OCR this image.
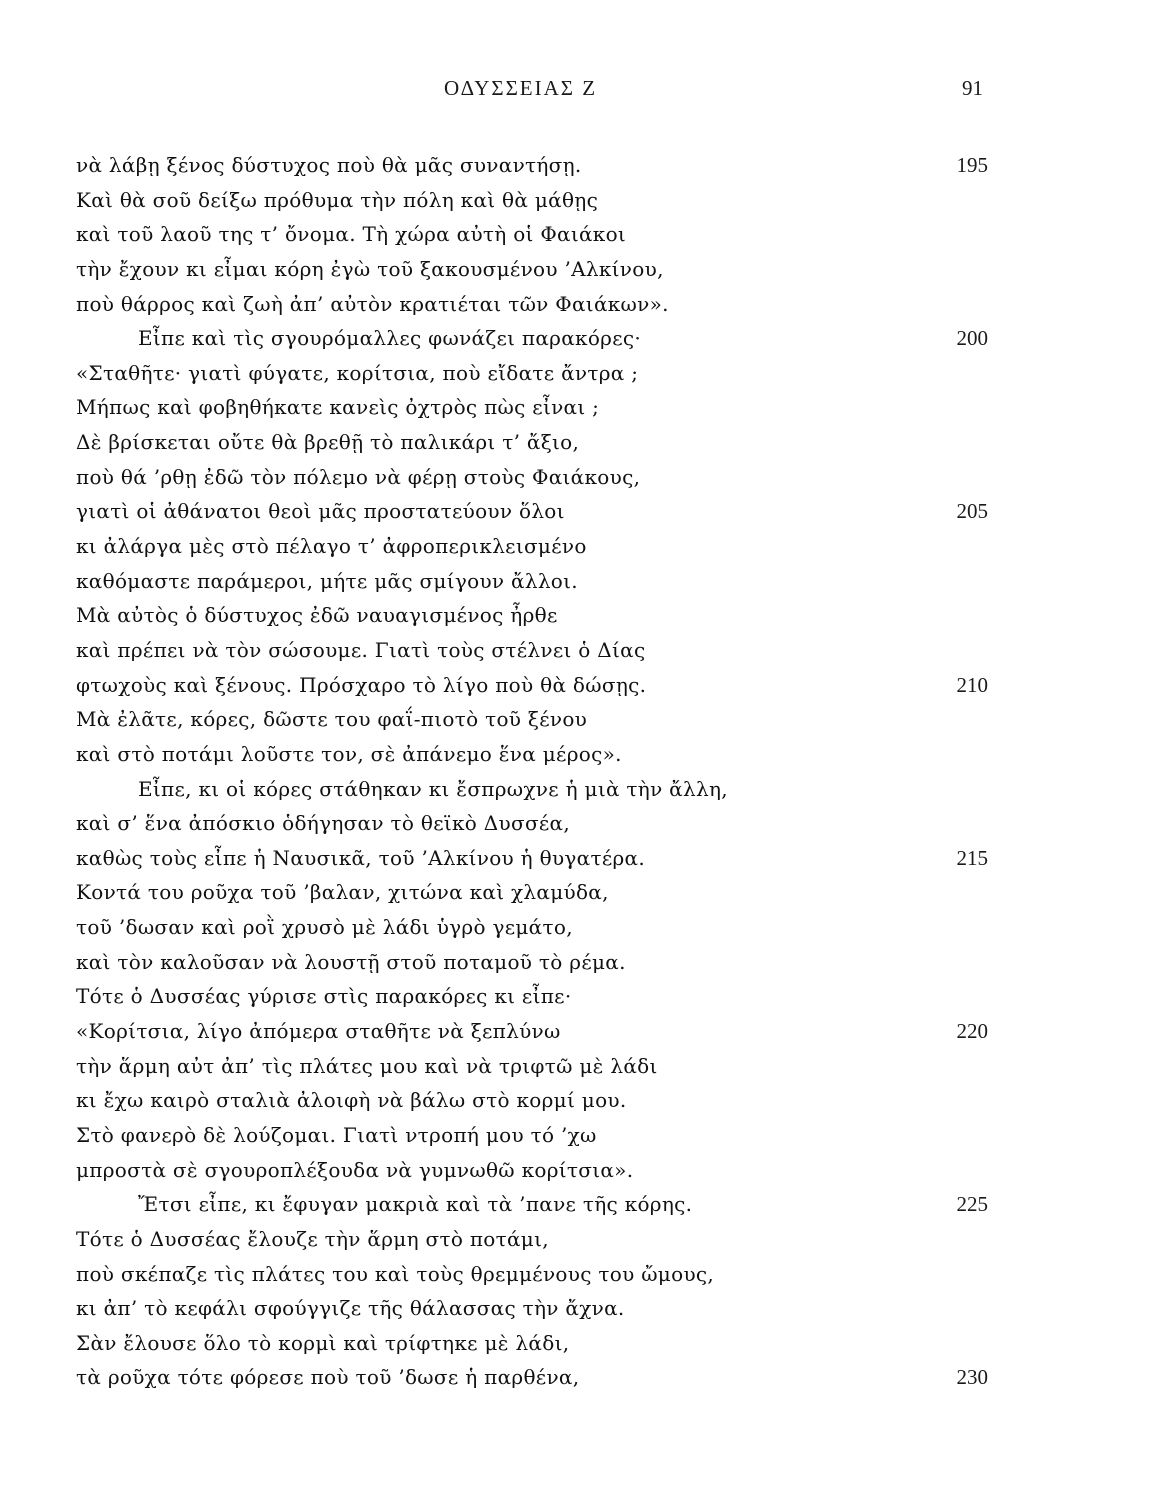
ΟΔΥΣΣΕΙΑΣ Ζ	91
νὰ λάβῃ ξένος δύστυχος ποὺ θὰ μᾶς συναντήσῃ.	195
Καὶ θὰ σοῦ δείξω πρόθυμα τὴν πόλη καὶ θὰ μάθῃς
καὶ τοῦ λαοῦ της τ’ ὄνομα. Τὴ χώρα αὐτὴ οἱ Φαιάκοι
τὴν ἔχουν κι εἶμαι κόρη ἐγὼ τοῦ ξακουσμένου ’Αλκίνου,
ποὺ θάρρος καὶ ζωὴ ἀπ’ αὐτὸν κρατιέται τῶν Φαιάκων».
Εἶπε καὶ τὶς σγουρόμαλλες φωνάζει παρακόρες·	200
«Σταθῆτε· γιατὶ φύγατε, κορίτσια, ποὺ εἴδατε ἄντρα ;
Μήπως καὶ φοβηθήκατε κανεὶς ὀχτρὸς πὼς εἶναι ;
Δὲ βρίσκεται οὔτε θὰ βρεθῇ τὸ παλικάρι τ’ ἄξιο,
ποὺ θά ’ρθῃ ἐδῶ τὸν πόλεμο νὰ φέρῃ στοὺς Φαιάκους,
γιατὶ οἱ ἀθάνατοι θεοὶ μᾶς προστατεύουν ὅλοι	205
κι ἀλάργα μὲς στὸ πέλαγο τ’ ἀφροπερικλεισμένο
καθόμαστε παράμεροι, μήτε μᾶς σμίγουν ἄλλοι.
Μὰ αὐτὸς ὁ δύστυχος ἐδῶ ναυαγισμένος ἦρθε
καὶ πρέπει νὰ τὸν σώσουμε. Γιατὶ τοὺς στέλνει ὁ Δίας
φτωχοὺς καὶ ξένους. Πρόσχαρο τὸ λίγο ποὺ θὰ δώσῃς.	210
Μὰ ἐλᾶτε, κόρες, δῶστε του φαΐ-πιοτὸ τοῦ ξένου
καὶ στὸ ποτάμι λοῦστε τον, σὲ ἀπάνεμο ἕνα μέρος».
Εἶπε, κι οἱ κόρες στάθηκαν κι ἔσπρωχνε ἡ μιὰ τὴν ἄλλη,
καὶ σ’ ἕνα ἀπόσκιο ὁδήγησαν τὸ θεϊκὸ Δυσσέα,
καθὼς τοὺς εἶπε ἡ Ναυσικᾶ, τοῦ ’Αλκίνου ἡ θυγατέρα.	215
Κοντά του ροῦχα τοῦ ’βαλαν, χιτώνα καὶ χλαμύδα,
τοῦ ’δωσαν καὶ ροῒ χρυσὸ μὲ λάδι ὑγρὸ γεμάτο,
καὶ τὸν καλοῦσαν νὰ λουστῇ στοῦ ποταμοῦ τὸ ρέμα.
Τότε ὁ Δυσσέας γύρισε στὶς παρακόρες κι εἶπε·
«Κορίτσια, λίγο ἀπόμερα σταθῆτε νὰ ξεπλύνω	220
τὴν ἅρμη αὐτ ἀπ’ τὶς πλάτες μου καὶ νὰ τριφτῶ μὲ λάδι
κι ἔχω καιρὸ σταλιὰ ἀλοιφὴ νὰ βάλω στὸ κορμί μου.
Στὸ φανερὸ δὲ λούζομαι. Γιατὶ ντροπή μου τό ’χω
μπροστὰ σὲ σγουροπλέξουδα νὰ γυμνωθῶ κορίτσια».
Ἔτσι εἶπε, κι ἔφυγαν μακριὰ καὶ τὰ ’πανε τῆς κόρης.	225
Τότε ὁ Δυσσέας ἔλουζε τὴν ἅρμη στὸ ποτάμι,
ποὺ σκέπαζε τὶς πλάτες του καὶ τοὺς θρεμμένους του ὤμους,
κι ἀπ’ τὸ κεφάλι σφούγγιζε τῆς θάλασσας τὴν ἄχνα.
Σὰν ἔλουσε ὅλο τὸ κορμὶ καὶ τρίφτηκε μὲ λάδι,
τὰ ροῦχα τότε φόρεσε ποὺ τοῦ ’δωσε ἡ παρθένα,	230
